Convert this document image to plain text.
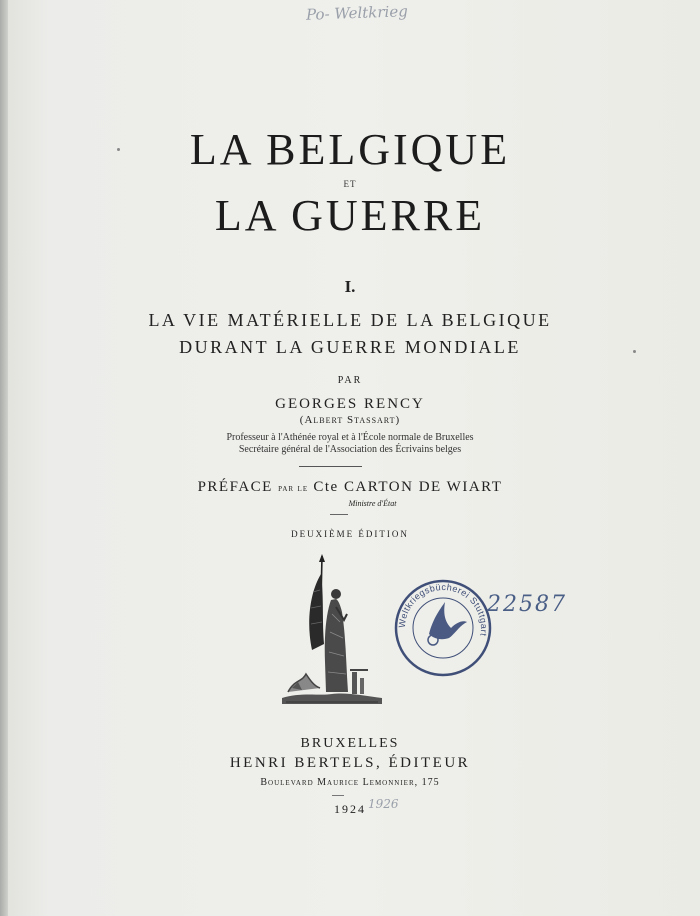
Po- Weltkrieg
LA BELGIQUE
ET
LA GUERRE
I.
LA VIE MATÉRIELLE DE LA BELGIQUE
DURANT LA GUERRE MONDIALE
PAR
GEORGES RENCY
(Albert Stassart)
Professeur à l'Athénée royal et à l'École normale de Bruxelles
Secrétaire général de l'Association des Écrivains belges
PRÉFACE par le Cte CARTON DE WIART
Ministre d'État
DEUXIÈME ÉDITION
Weltkriegsbücherei Stuttgart
22587
BRUXELLES
HENRI BERTELS, ÉDITEUR
Boulevard Maurice Lemonnier, 175
1924 1926
